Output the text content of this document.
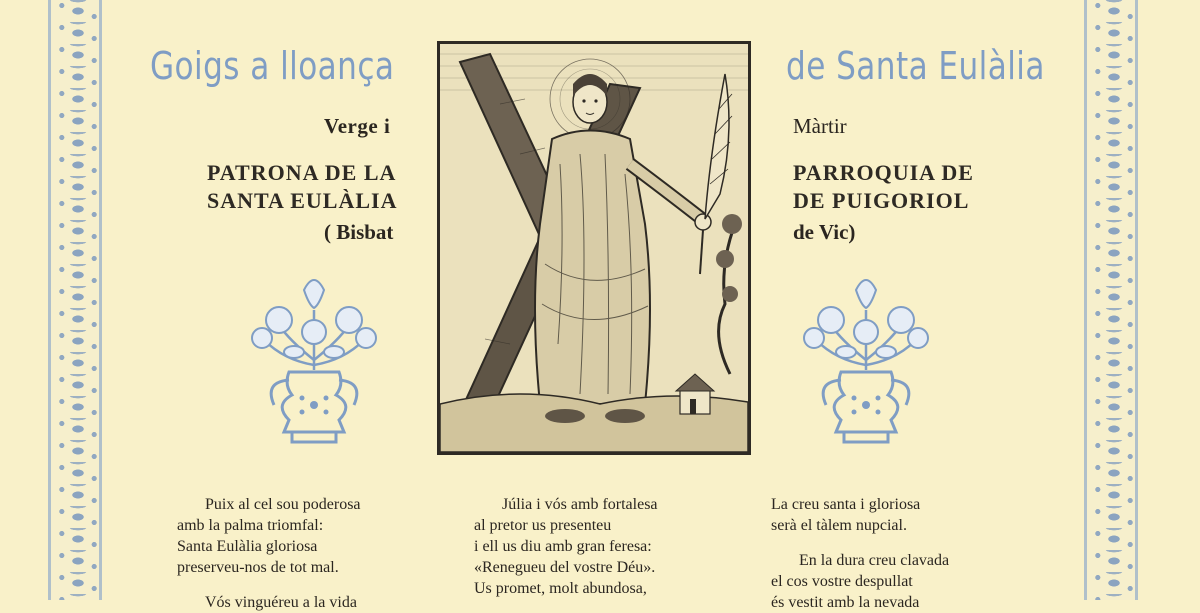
Goigs a lloança	de Santa Eulàlia
Verge i	Màrtir
PATRONA DE LA
SANTA EULÀLIA
( Bisbat
PARROQUIA DE
DE PUIGORIOL
de Vic)
Puix al cel sou poderosa
amb la palma triomfal:
Santa Eulàlia gloriosa
preserveu-nos de tot mal.
Vós vinguéreu a la vida
Júlia i vós amb fortalesa
al pretor us presenteu
i ell us diu amb gran feresa:
«Renegueu del vostre Déu».
Us promet, molt abundosa,
La creu santa i gloriosa
serà el tàlem nupcial.
En la dura creu clavada
el cos vostre despullat
és vestit amb la nevada
